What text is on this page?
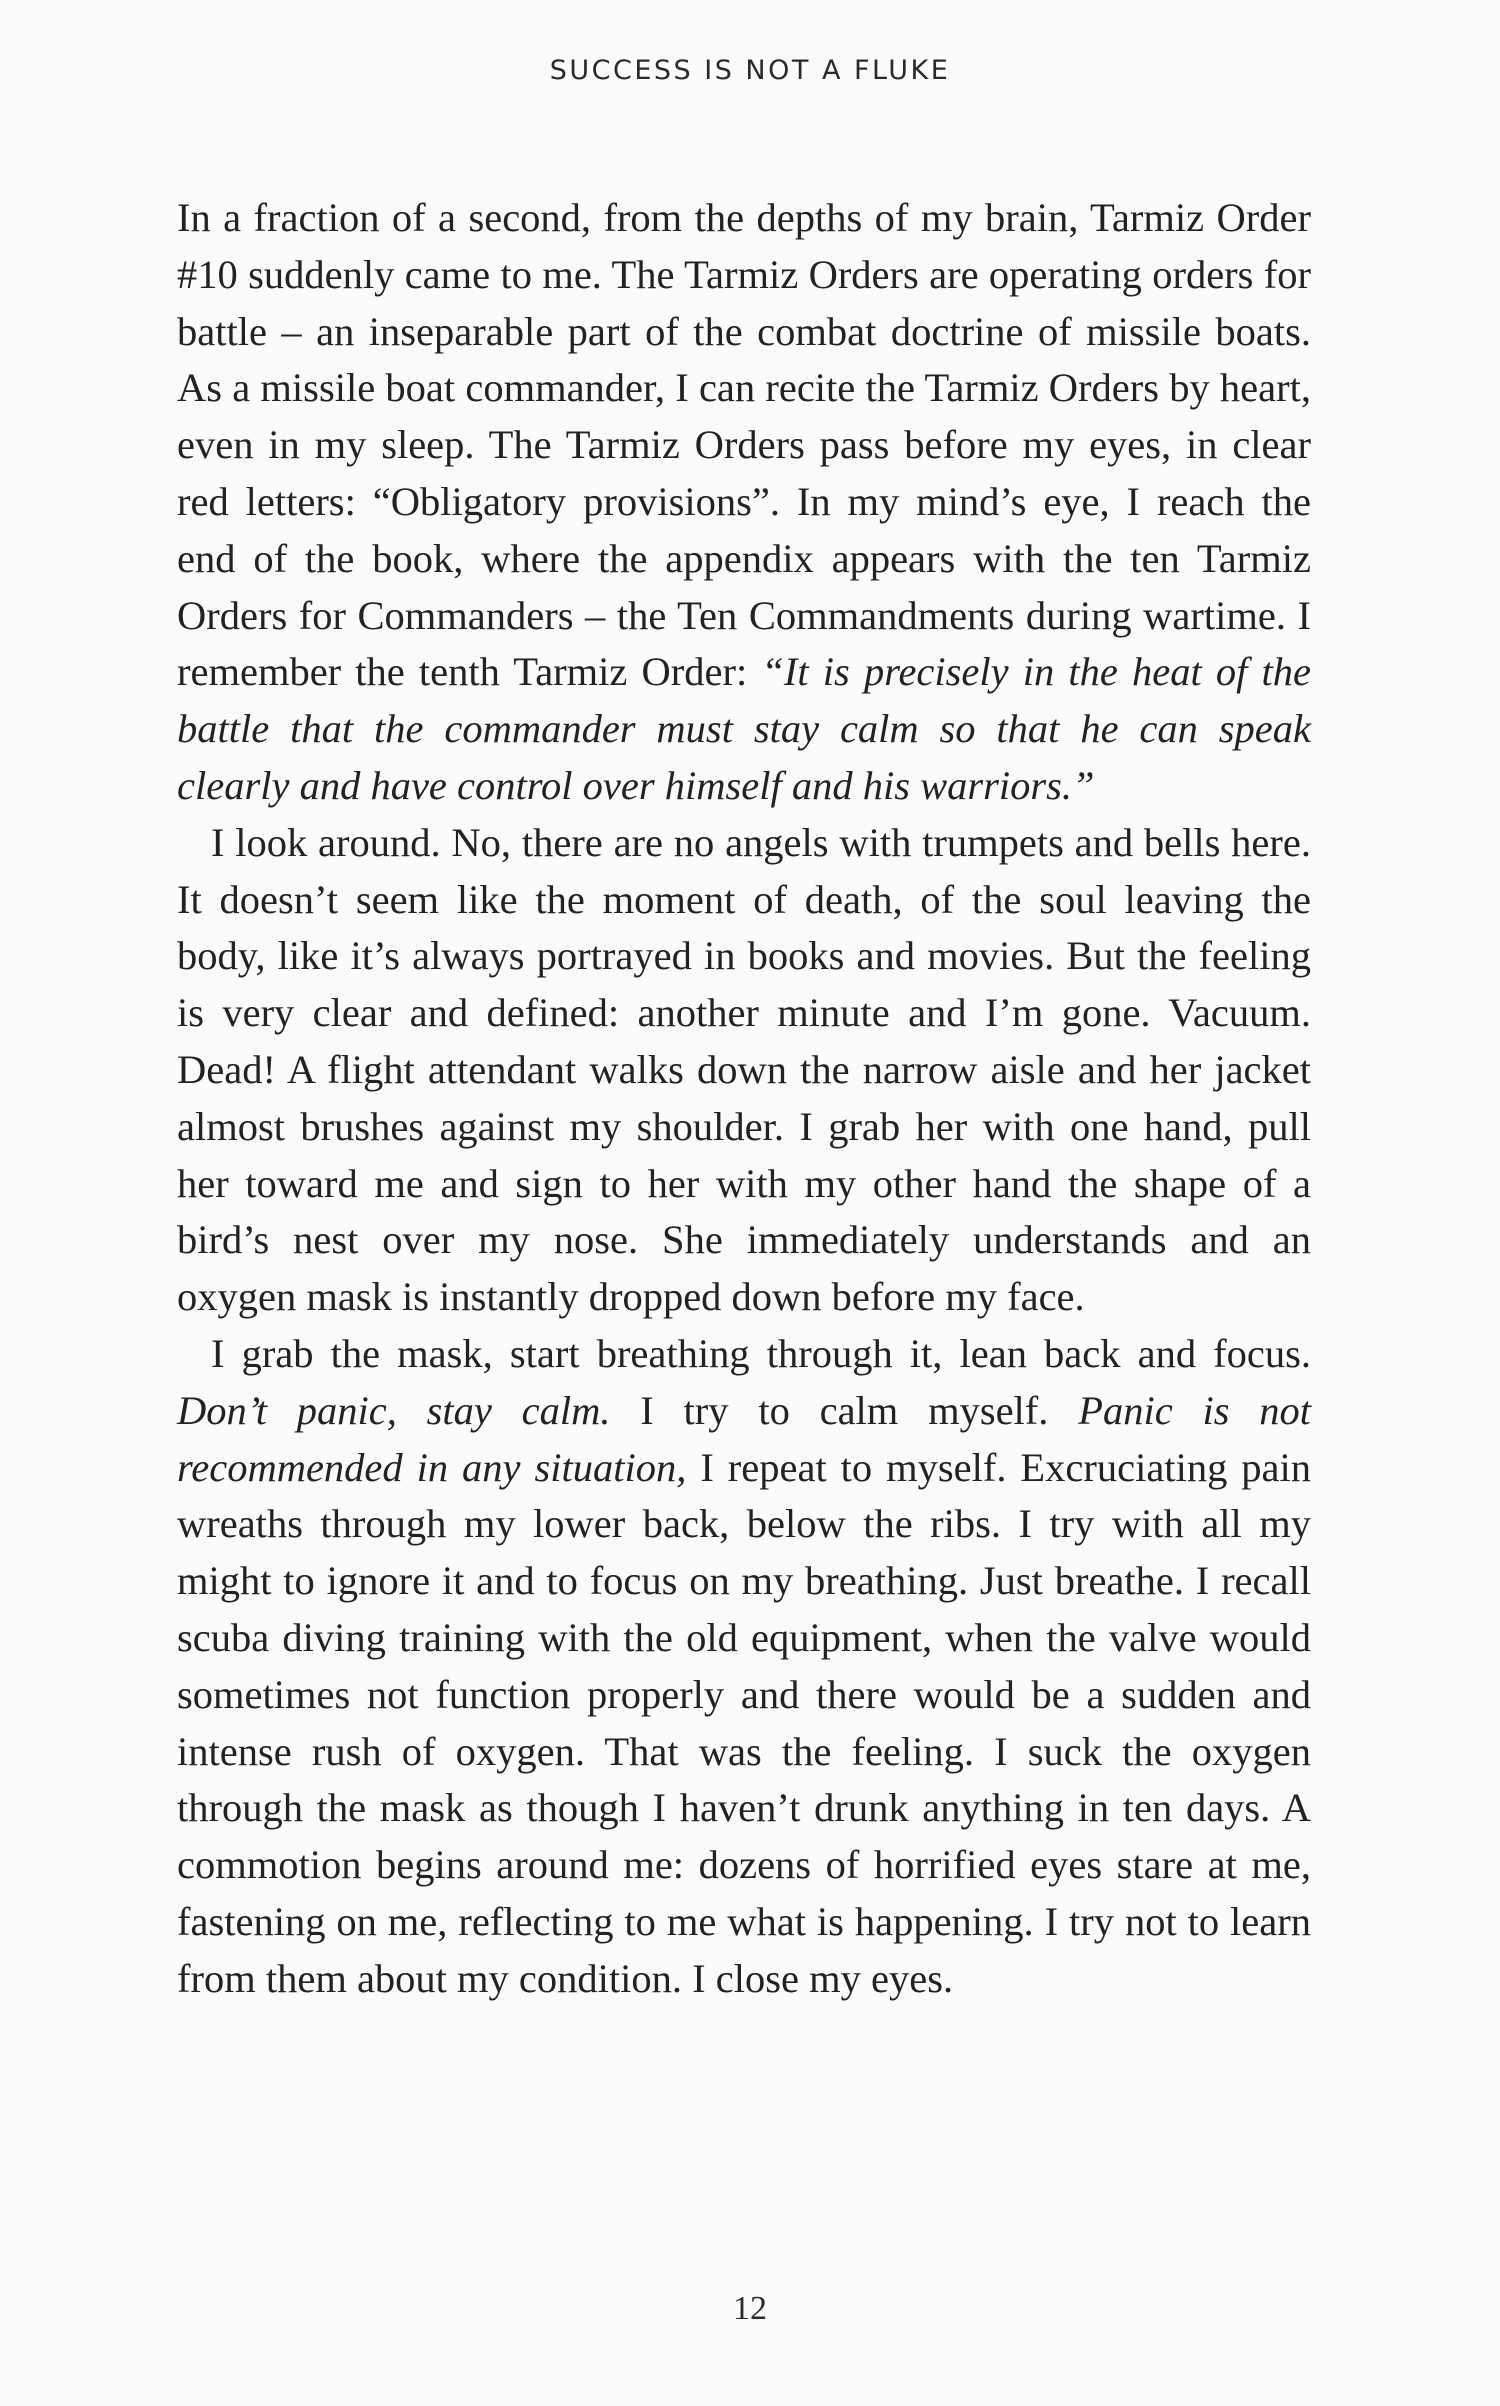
SUCCESS IS NOT A FLUKE

In a fraction of a second, from the depths of my brain, Tarmiz Order #10 suddenly came to me. The Tarmiz Orders are operating orders for battle – an inseparable part of the combat doctrine of missile boats. As a missile boat commander, I can recite the Tarmiz Orders by heart, even in my sleep. The Tarmiz Orders pass before my eyes, in clear red letters: “Obligatory provisions”. In my mind’s eye, I reach the end of the book, where the appendix appears with the ten Tarmiz Orders for Commanders – the Ten Commandments during wartime. I remember the tenth Tarmiz Order: “It is precisely in the heat of the battle that the commander must stay calm so that he can speak clearly and have control over himself and his warriors.”

I look around. No, there are no angels with trumpets and bells here. It doesn’t seem like the moment of death, of the soul leaving the body, like it’s always portrayed in books and movies. But the feeling is very clear and defined: another minute and I’m gone. Vacuum. Dead! A flight attendant walks down the narrow aisle and her jacket almost brushes against my shoulder. I grab her with one hand, pull her toward me and sign to her with my other hand the shape of a bird’s nest over my nose. She immediately understands and an oxygen mask is instantly dropped down before my face.

I grab the mask, start breathing through it, lean back and focus. Don’t panic, stay calm. I try to calm myself. Panic is not recommended in any situation, I repeat to myself. Excruciating pain wreaths through my lower back, below the ribs. I try with all my might to ignore it and to focus on my breathing. Just breathe. I recall scuba diving training with the old equipment, when the valve would sometimes not function properly and there would be a sudden and intense rush of oxygen. That was the feeling. I suck the oxygen through the mask as though I haven’t drunk anything in ten days. A commotion begins around me: dozens of horrified eyes stare at me, fastening on me, reflecting to me what is happening. I try not to learn from them about my condition. I close my eyes.

12
